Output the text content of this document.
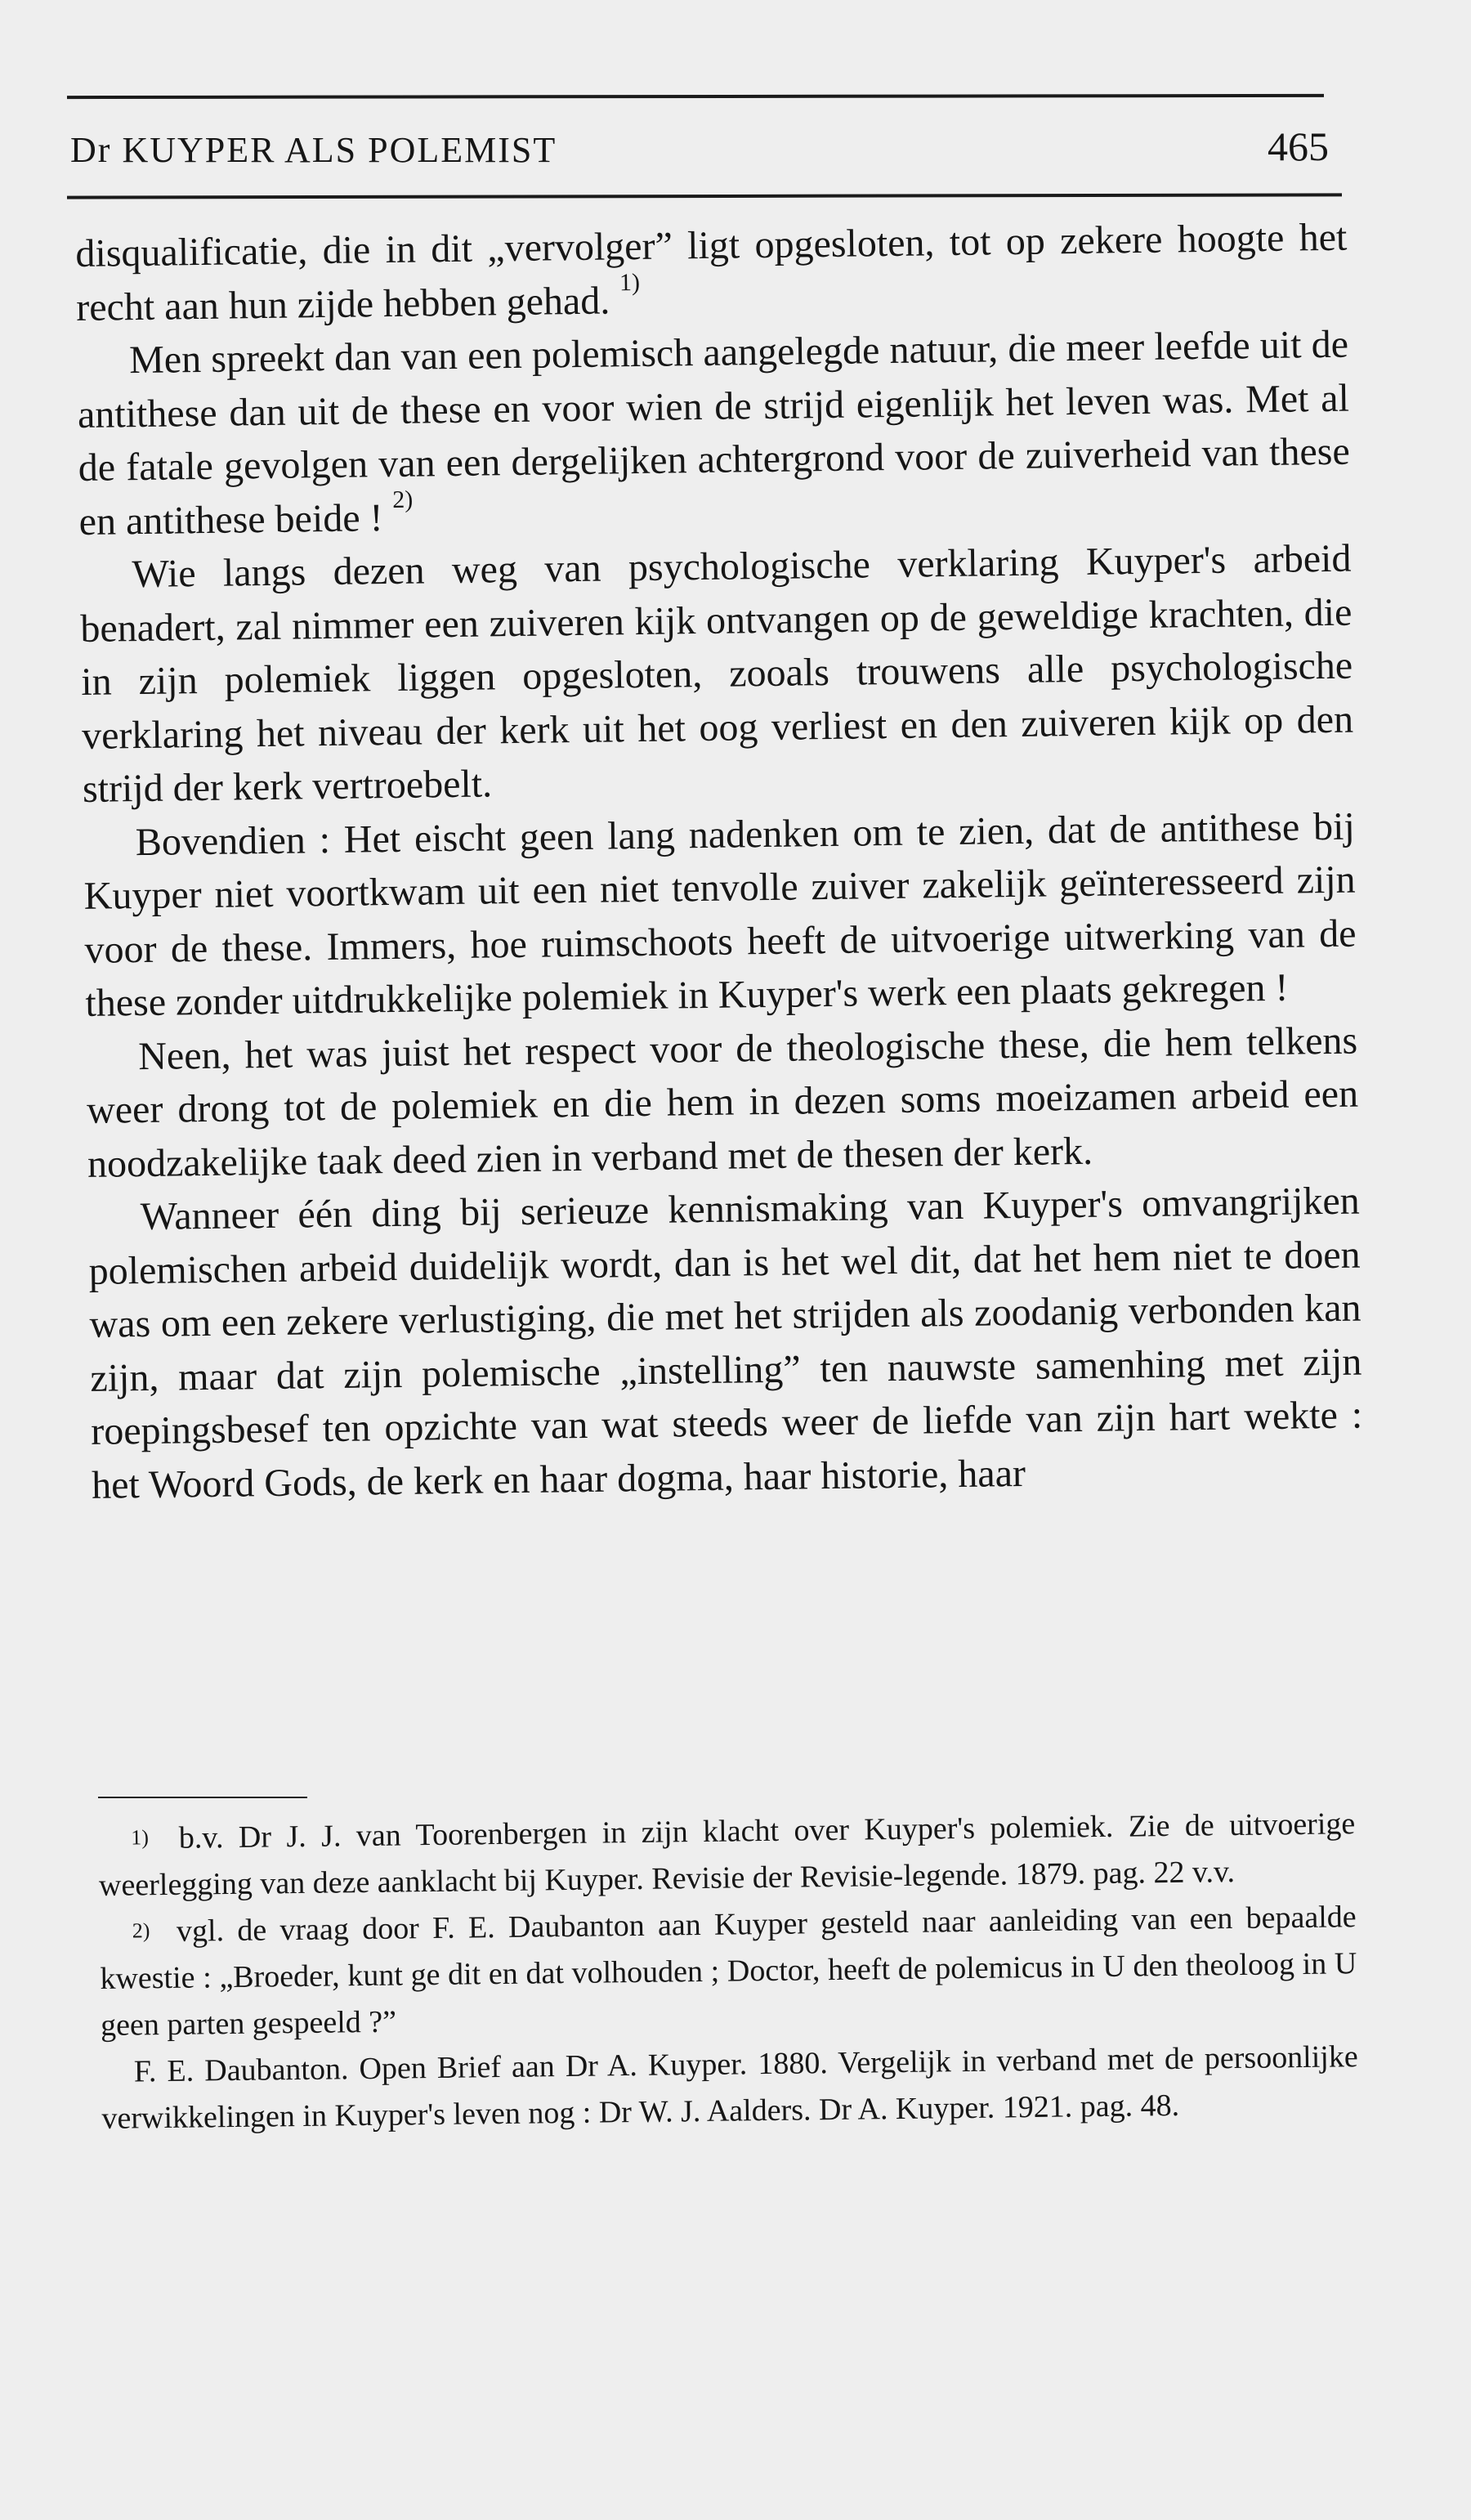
Dr KUYPER ALS POLEMIST	465

disqualificatie, die in dit „vervolger” ligt opgesloten, tot op zekere hoogte het recht aan hun zijde hebben gehad. $^{1)}$

Men spreekt dan van een polemisch aangelegde natuur, die meer leefde uit de antithese dan uit de these en voor wien de strijd eigenlijk het leven was. Met al de fatale gevolgen van een dergelijken achtergrond voor de zuiverheid van these en antithese beide ! $^{2)}$

Wie langs dezen weg van psychologische verklaring Kuyper's arbeid benadert, zal nimmer een zuiveren kijk ontvangen op de geweldige krachten, die in zijn polemiek liggen opgesloten, zooals trouwens alle psychologische verklaring het niveau der kerk uit het oog verliest en den zuiveren kijk op den strijd der kerk vertroebelt.

Bovendien : Het eischt geen lang nadenken om te zien, dat de antithese bij Kuyper niet voortkwam uit een niet tenvolle zuiver zakelijk geïnteresseerd zijn voor de these. Immers, hoe ruimschoots heeft de uitvoerige uitwerking van de these zonder uitdrukkelijke polemiek in Kuyper's werk een plaats gekregen !

Neen, het was juist het respect voor de theologische these, die hem telkens weer drong tot de polemiek en die hem in dezen soms moeizamen arbeid een noodzakelijke taak deed zien in verband met de thesen der kerk.

Wanneer één ding bij serieuze kennismaking van Kuyper's omvangrijken polemischen arbeid duidelijk wordt, dan is het wel dit, dat het hem niet te doen was om een zekere verlustiging, die met het strijden als zoodanig verbonden kan zijn, maar dat zijn polemische „instelling” ten nauwste samenhing met zijn roepingsbesef ten opzichte van wat steeds weer de liefde van zijn hart wekte : het Woord Gods, de kerk en haar dogma, haar historie, haar

$^{1)}$ b.v. Dr J. J. van Toorenbergen in zijn klacht over Kuyper's polemiek. Zie de uitvoerige weerlegging van deze aanklacht bij Kuyper. Revisie der Revisie-legende. 1879. pag. 22 v.v.

$^{2)}$ vgl. de vraag door F. E. Daubanton aan Kuyper gesteld naar aanleiding van een bepaalde kwestie : „Broeder, kunt ge dit en dat volhouden ; Doctor, heeft de polemicus in U den theoloog in U geen parten gespeeld ?”

F. E. Daubanton. Open Brief aan Dr A. Kuyper. 1880. Vergelijk in verband met de persoonlijke verwikkelingen in Kuyper's leven nog : Dr W. J. Aalders. Dr A. Kuyper. 1921. pag. 48.
